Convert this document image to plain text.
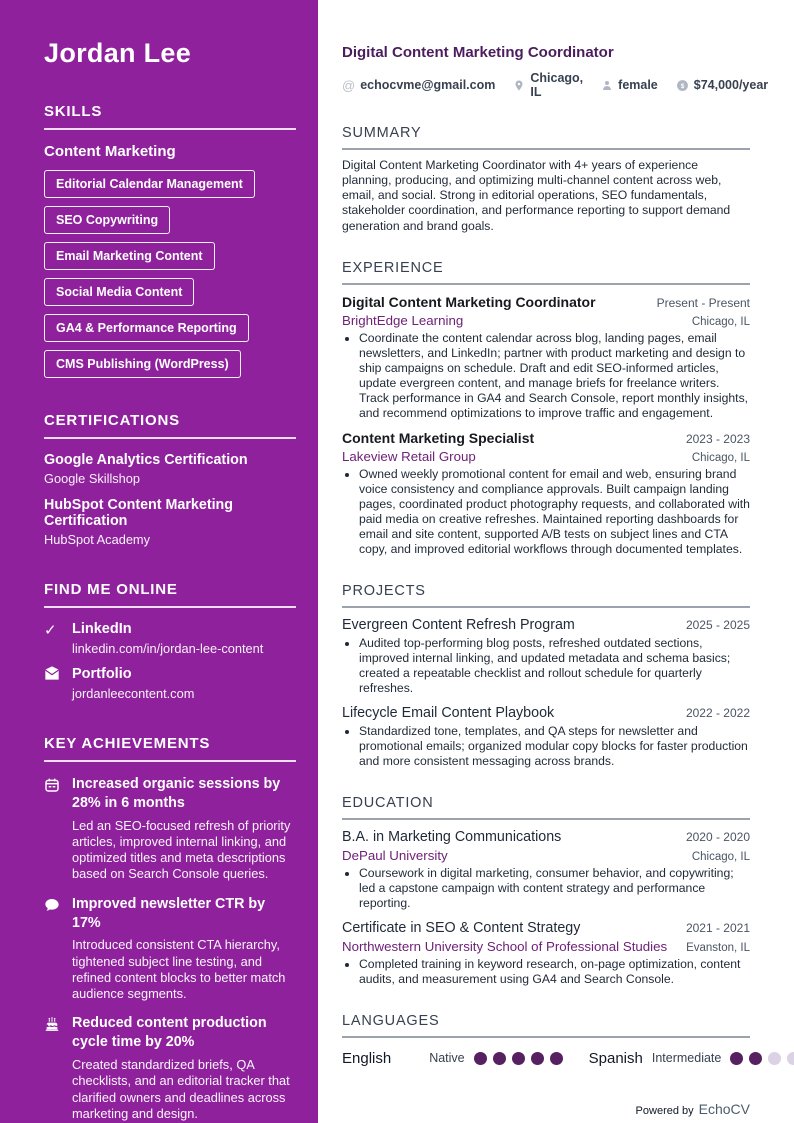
Jordan Lee
SKILLS
Content Marketing
Editorial Calendar Management
SEO Copywriting
Email Marketing Content
Social Media Content
GA4 & Performance Reporting
CMS Publishing (WordPress)
CERTIFICATIONS
Google Analytics Certification
Google Skillshop
HubSpot Content Marketing Certification
HubSpot Academy
FIND ME ONLINE
✓	LinkedIn
linkedin.com/in/jordan-lee-content
Portfolio
jordanleecontent.com
KEY ACHIEVEMENTS
Increased organic sessions by 28% in 6 months
Led an SEO-focused refresh of priority articles, improved internal linking, and optimized titles and meta descriptions based on Search Console queries.
Improved newsletter CTR by 17%
Introduced consistent CTA hierarchy, tightened subject line testing, and refined content blocks to better match audience segments.
Reduced content production cycle time by 20%
Created standardized briefs, QA checklists, and an editorial tracker that clarified owners and deadlines across marketing and design.
Digital Content Marketing Coordinator
@ echocvme@gmail.com	Chicago, IL	female $ $74,000/year
SUMMARY

Digital Content Marketing Coordinator with 4+ years of experience planning, producing, and optimizing multi-channel content across web, email, and social. Strong in editorial operations, SEO fundamentals, stakeholder coordination, and performance reporting to support demand generation and brand goals.

EXPERIENCE
Digital Content Marketing Coordinator	Present - Present
BrightEdge Learning	Chicago, IL
• Coordinate the content calendar across blog, landing pages, email newsletters, and LinkedIn; partner with product marketing and design to ship campaigns on schedule. Draft and edit SEO-informed articles, update evergreen content, and manage briefs for freelance writers. Track performance in GA4 and Search Console, report monthly insights, and recommend optimizations to improve traffic and engagement.
Content Marketing Specialist	2023 - 2023
Lakeview Retail Group	Chicago, IL
• Owned weekly promotional content for email and web, ensuring brand voice consistency and compliance approvals. Built campaign landing pages, coordinated product photography requests, and collaborated with paid media on creative refreshes. Maintained reporting dashboards for email and site content, supported A/B tests on subject lines and CTA copy, and improved editorial workflows through documented templates.
PROJECTS
Evergreen Content Refresh Program	2025 - 2025
• Audited top-performing blog posts, refreshed outdated sections, improved internal linking, and updated metadata and schema basics; created a repeatable checklist and rollout schedule for quarterly refreshes.
Lifecycle Email Content Playbook	2022 - 2022
• Standardized tone, templates, and QA steps for newsletter and promotional emails; organized modular copy blocks for faster production and more consistent messaging across brands.
EDUCATION
B.A. in Marketing Communications	2020 - 2020
DePaul University	Chicago, IL
• Coursework in digital marketing, consumer behavior, and copywriting; led a capstone campaign with content strategy and performance reporting.
Certificate in SEO & Content Strategy	2021 - 2021
Northwestern University School of Professional Studies Evanston, IL
• Completed training in keyword research, on-page optimization, content audits, and measurement using GA4 and Search Console.
LANGUAGES
English	Native	Spanish Intermediate
Powered by EchoCV
